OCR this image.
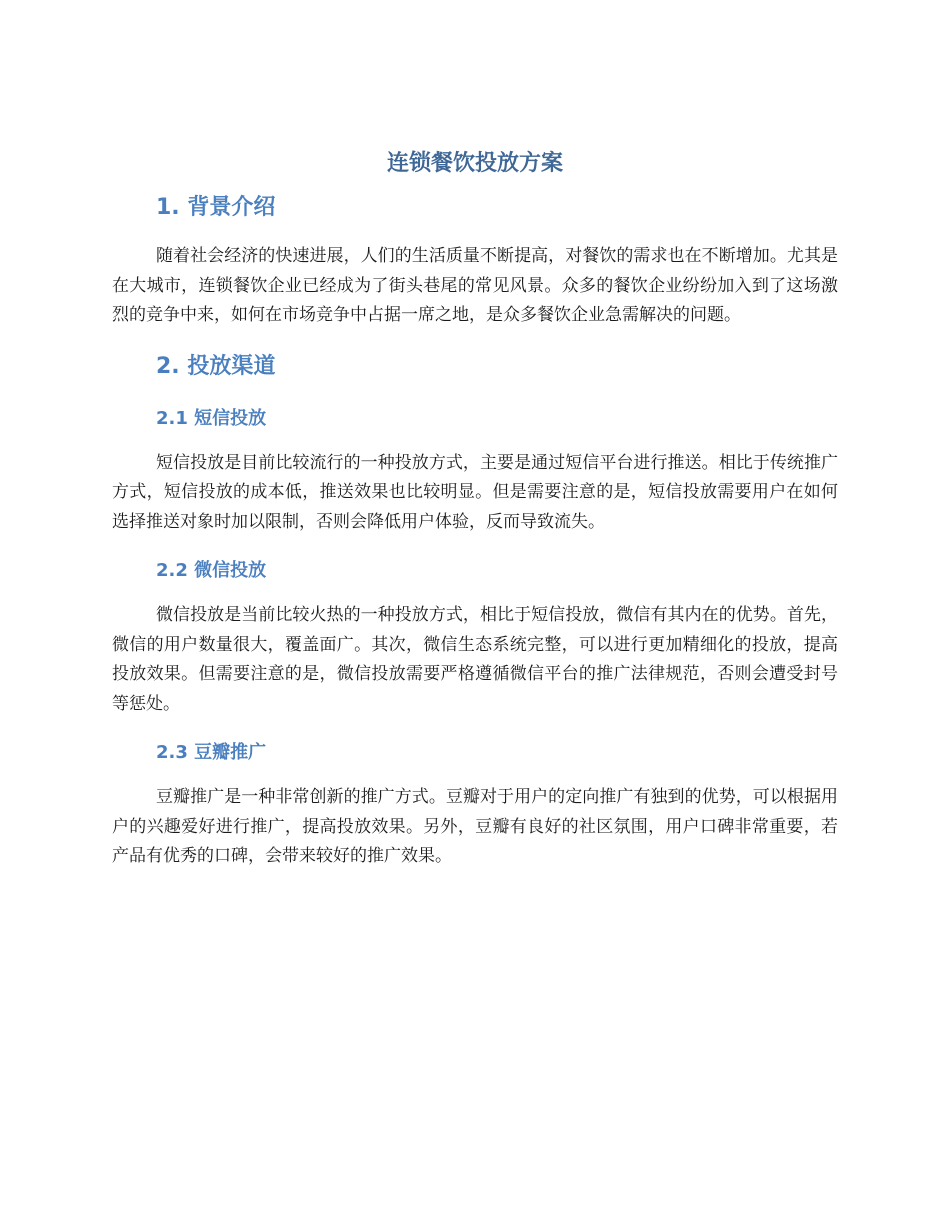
连锁餐饮投放方案
1. 背景介绍

随着社会经济的快速进展，人们的生活质量不断提高，对餐饮的需求也在不断增加。尤其是在大城市，连锁餐饮企业已经成为了街头巷尾的常见风景。众多的餐饮企业纷纷加入到了这场激烈的竞争中来，如何在市场竞争中占据一席之地，是众多餐饮企业急需解决的问题。

2. 投放渠道
2.1 短信投放

短信投放是目前比较流行的一种投放方式，主要是通过短信平台进行推送。相比于传统推广方式，短信投放的成本低，推送效果也比较明显。但是需要注意的是，短信投放需要用户在如何选择推送对象时加以限制，否则会降低用户体验，反而导致流失。

2.2 微信投放

微信投放是当前比较火热的一种投放方式，相比于短信投放，微信有其内在的优势。首先，微信的用户数量很大，覆盖面广。其次，微信生态系统完整，可以进行更加精细化的投放，提高投放效果。但需要注意的是，微信投放需要严格遵循微信平台的推广法律规范，否则会遭受封号等惩处。

2.3 豆瓣推广

豆瓣推广是一种非常创新的推广方式。豆瓣对于用户的定向推广有独到的优势，可以根据用户的兴趣爱好进行推广，提高投放效果。另外，豆瓣有良好的社区氛围，用户口碑非常重要，若产品有优秀的口碑，会带来较好的推广效果。
